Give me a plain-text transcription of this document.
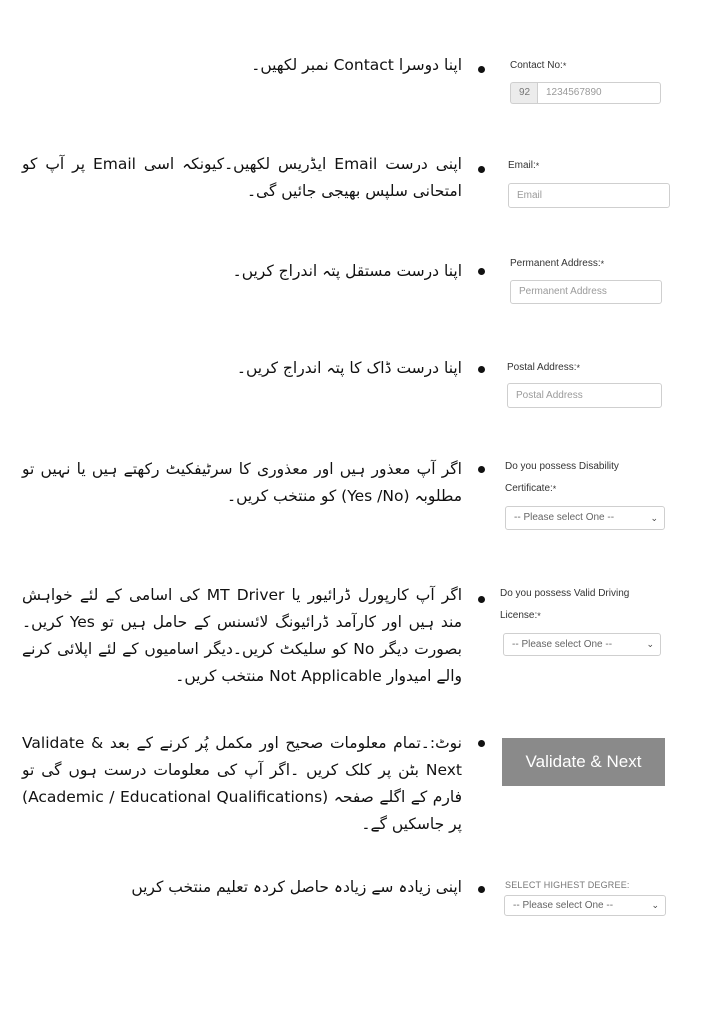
اپنا دوسرا Contact نمبر لکھیں۔	Contact No:*
92	1234567890
اپنی درست Email ایڈریس لکھیں۔کیونکہ اسی Email پر آپ کو امتحانی سلپس بھیجی جائیں گی۔
Email:*
Email
اپنا درست مستقل پتہ اندراج کریں۔	Permanent Address:*
Permanent Address
اپنا درست ڈاک کا پتہ اندراج کریں۔	Postal Address:*
Postal Address
اگر آپ معذور ہیں اور معذوری کا سرٹیفکیٹ رکھتے ہیں یا نہیں تو مطلوبہ (Yes /No) کو منتخب کریں۔
Do you possess Disability
Certificate:*
-- Please select One --	⌄
اگر آپ کارپورل ڈرائیور یا MT Driver کی اسامی کے لئے خواہش مند ہیں اور کارآمد ڈرائیونگ لائسنس کے حامل ہیں تو Yes کریں۔بصورت دیگر No کو سلیکٹ کریں۔دیگر اسامیوں کے لئے اپلائی کرنے والے امیدوار Not Applicable منتخب کریں۔
Do you possess Valid Driving
License:*
-- Please select One --	⌄
نوٹ:۔تمام معلومات صحیح اور مکمل پُر کرنے کے بعد Validate & Next بٹن پر کلک کریں ۔اگر آپ کی معلومات درست ہوں گی تو فارم کے اگلے صفحہ (Academic / Educational Qualifications) پر جاسکیں گے۔
Validate & Next
اپنی زیادہ سے زیادہ حاصل کردہ تعلیم منتخب کریں	SELECT HIGHEST DEGREE:
-- Please select One --	⌄
